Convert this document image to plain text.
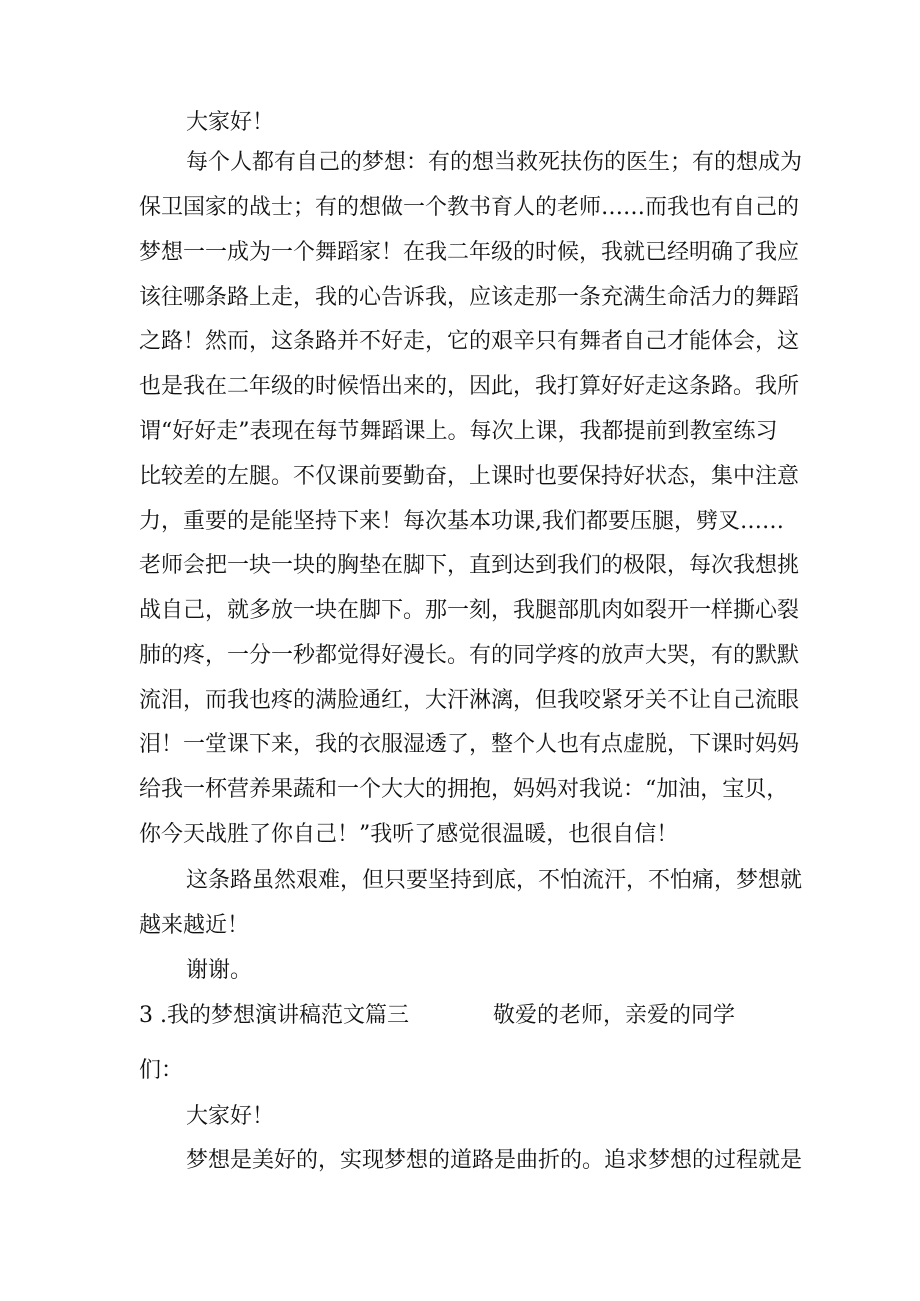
大家好！

每个人都有自己的梦想：有的想当救死扶伤的医生；有的想成为

保卫国家的战士；有的想做一个教书育人的老师……而我也有自己的

梦想一一成为一个舞蹈家！在我二年级的时候，我就已经明确了我应

该往哪条路上走，我的心告诉我，应该走那一条充满生命活力的舞蹈

之路！然而，这条路并不好走，它的艰辛只有舞者自己才能体会，这

也是我在二年级的时候悟出来的，因此，我打算好好走这条路。我所

谓“好好走”表现在每节舞蹈课上。每次上课，我都提前到教室练习

比较差的左腿。不仅课前要勤奋，上课时也要保持好状态，集中注意

力，重要的是能坚持下来！每次基本功课,我们都要压腿，劈叉……

老师会把一块一块的胸垫在脚下，直到达到我们的极限，每次我想挑

战自己，就多放一块在脚下。那一刻，我腿部肌肉如裂开一样撕心裂

肺的疼，一分一秒都觉得好漫长。有的同学疼的放声大哭，有的默默

流泪，而我也疼的满脸通红，大汗淋漓，但我咬紧牙关不让自己流眼

泪！一堂课下来，我的衣服湿透了，整个人也有点虚脱，下课时妈妈

给我一杯营养果蔬和一个大大的拥抱，妈妈对我说：“加油，宝贝，

你今天战胜了你自己！”我听了感觉很温暖，也很自信！

这条路虽然艰难，但只要坚持到底，不怕流汗，不怕痛，梦想就

越来越近！

谢谢。

3 .我的梦想演讲稿范文篇三	敬爱的老师，亲爱的同学

们：

大家好！

梦想是美好的，实现梦想的道路是曲折的。追求梦想的过程就是
